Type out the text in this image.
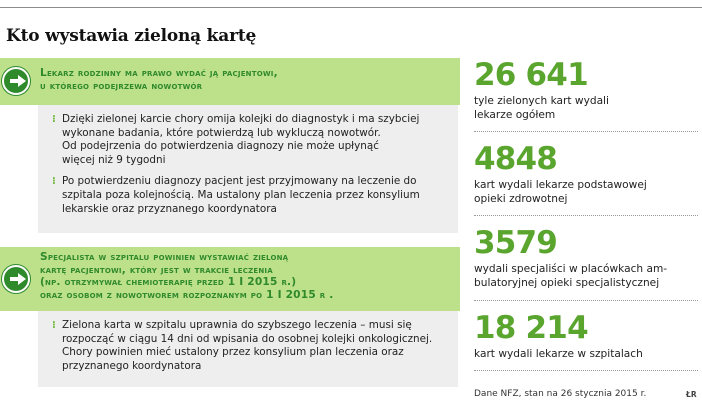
Kto wystawia zieloną kartę
Lekarz rodzinny ma prawo wydać ją pacjentowi,
u którego podejrzewa nowotwór
⁝ Dzięki zielonej karcie chory omija kolejki do diagnostyk i ma szybciej
wykonane badania, które potwierdzą lub wykluczą nowotwór.
Od podejrzenia do potwierdzenia diagnozy nie może upłynąć
więcej niż 9 tygodni
⁝ Po potwierdzeniu diagnozy pacjent jest przyjmowany na leczenie do
szpitala poza kolejnością. Ma ustalony plan leczenia przez konsylium
lekarskie oraz przyznanego koordynatora
Specjalista w szpitalu powinien wystawiać zieloną
kartę pacjentowi, który jest w trakcie leczenia
(np. otrzymywał chemioterapię przed 1 I 2015 r.)
oraz osobom z nowotworem rozpoznanym po 1 I 2015 r .
⁝ Zielona karta w szpitalu uprawnia do szybszego leczenia – musi się
rozpocząć w ciągu 14 dni od wpisania do osobnej kolejki onkologicznej.
Chory powinien mieć ustalony przez konsylium plan leczenia oraz
przyznanego koordynatora
26 641
tyle zielonych kart wydali
lekarze ogółem
4848
kart wydali lekarze podstawowej
opieki zdrowotnej
3579
wydali specjaliści w placówkach am-
bulatoryjnej opieki specjalistycznej
18 214
kart wydali lekarze w szpitalach
Dane NFZ, stan na 26 stycznia 2015 r.	ŁR
